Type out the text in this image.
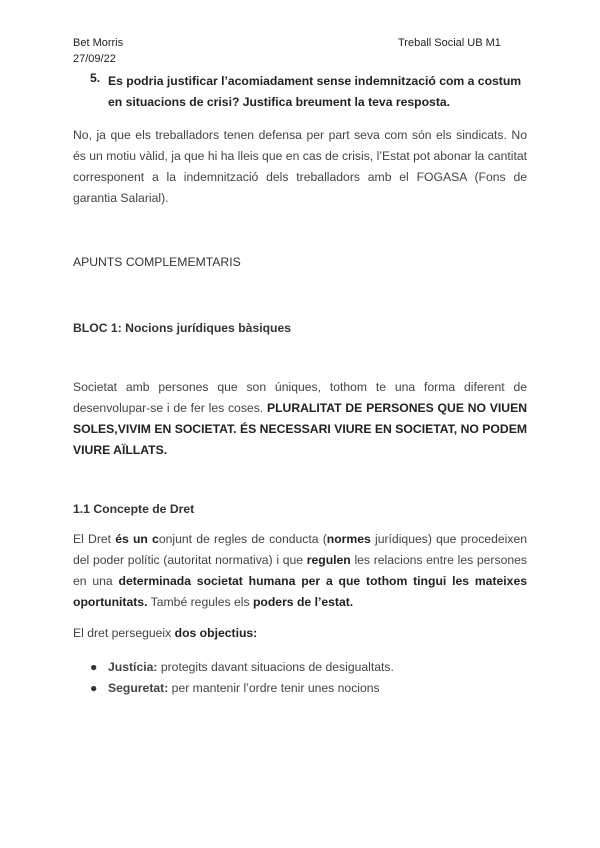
Bet Morris
27/09/22
Treball Social UB M1
5. Es podria justificar l’acomiadament sense indemnització com a costum en situacions de crisi? Justifica breument la teva resposta.
No, ja que els treballadors tenen defensa per part seva com són els sindicats. No és un motiu vàlid, ja que hi ha lleis que en cas de crisis, l’Estat pot abonar la cantitat corresponent a la indemnització dels treballadors amb el FOGASA (Fons de garantia Salarial).
APUNTS COMPLEMEMTARIS
BLOC 1: Nocions jurídiques bàsiques
Societat amb persones que son úniques, tothom te una forma diferent de desenvolupar-se i de fer les coses. PLURALITAT DE PERSONES QUE NO VIUEN SOLES,VIVIM EN SOCIETAT. ÉS NECESSARI VIURE EN SOCIETAT, NO PODEM VIURE AÏLLATS.
1.1 Concepte de Dret
El Dret és un conjunt de regles de conducta (normes jurídiques) que procedeixen del poder polític (autoritat normativa) i que regulen les relacions entre les persones en una determinada societat humana per a que tothom tingui les mateixes oportunitats. També regules els poders de l’estat.
El dret persegueix dos objectius:
● Justícia: protegits davant situacions de desigualtats.
● Seguretat: per mantenir l’ordre tenir unes nocions
